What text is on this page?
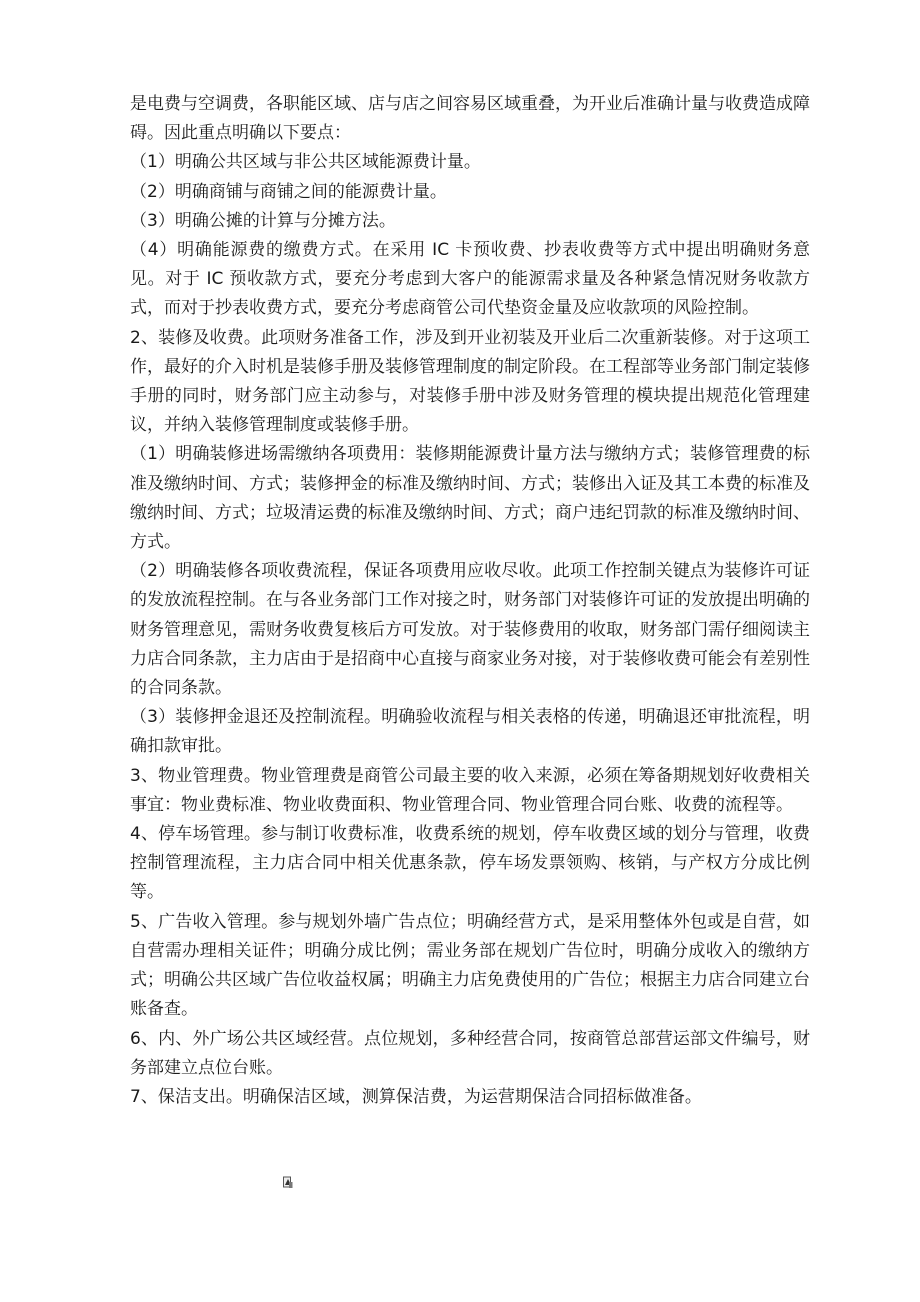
是电费与空调费，各职能区域、店与店之间容易区域重叠，为开业后准确计量与收费造成障碍。因此重点明确以下要点：

（1）明确公共区域与非公共区域能源费计量。

（2）明确商铺与商铺之间的能源费计量。

（3）明确公摊的计算与分摊方法。

（4）明确能源费的缴费方式。在采用 IC 卡预收费、抄表收费等方式中提出明确财务意见。对于 IC 预收款方式，要充分考虑到大客户的能源需求量及各种紧急情况财务收款方式，而对于抄表收费方式，要充分考虑商管公司代垫资金量及应收款项的风险控制。

2、装修及收费。此项财务准备工作，涉及到开业初装及开业后二次重新装修。对于这项工作，最好的介入时机是装修手册及装修管理制度的制定阶段。在工程部等业务部门制定装修手册的同时，财务部门应主动参与，对装修手册中涉及财务管理的模块提出规范化管理建议，并纳入装修管理制度或装修手册。

（1）明确装修进场需缴纳各项费用：装修期能源费计量方法与缴纳方式；装修管理费的标准及缴纳时间、方式；装修押金的标准及缴纳时间、方式；装修出入证及其工本费的标准及缴纳时间、方式；垃圾清运费的标准及缴纳时间、方式；商户违纪罚款的标准及缴纳时间、方式。

（2）明确装修各项收费流程，保证各项费用应收尽收。此项工作控制关键点为装修许可证的发放流程控制。在与各业务部门工作对接之时，财务部门对装修许可证的发放提出明确的财务管理意见，需财务收费复核后方可发放。对于装修费用的收取，财务部门需仔细阅读主力店合同条款，主力店由于是招商中心直接与商家业务对接，对于装修收费可能会有差别性的合同条款。

（3）装修押金退还及控制流程。明确验收流程与相关表格的传递，明确退还审批流程，明确扣款审批。

3、物业管理费。物业管理费是商管公司最主要的收入来源，必须在筹备期规划好收费相关事宜：物业费标准、物业收费面积、物业管理合同、物业管理合同台账、收费的流程等。

4、停车场管理。参与制订收费标准，收费系统的规划，停车收费区域的划分与管理，收费控制管理流程，主力店合同中相关优惠条款，停车场发票领购、核销，与产权方分成比例等。

5、广告收入管理。参与规划外墙广告点位；明确经营方式，是采用整体外包或是自营，如自营需办理相关证件；明确分成比例；需业务部在规划广告位时，明确分成收入的缴纳方式；明确公共区域广告位收益权属；明确主力店免费使用的广告位；根据主力店合同建立台账备查。

6、内、外广场公共区域经营。点位规划，多种经营合同，按商管总部营运部文件编号，财务部建立点位台账。

7、保洁支出。明确保洁区域，测算保洁费，为运营期保洁合同招标做准备。
